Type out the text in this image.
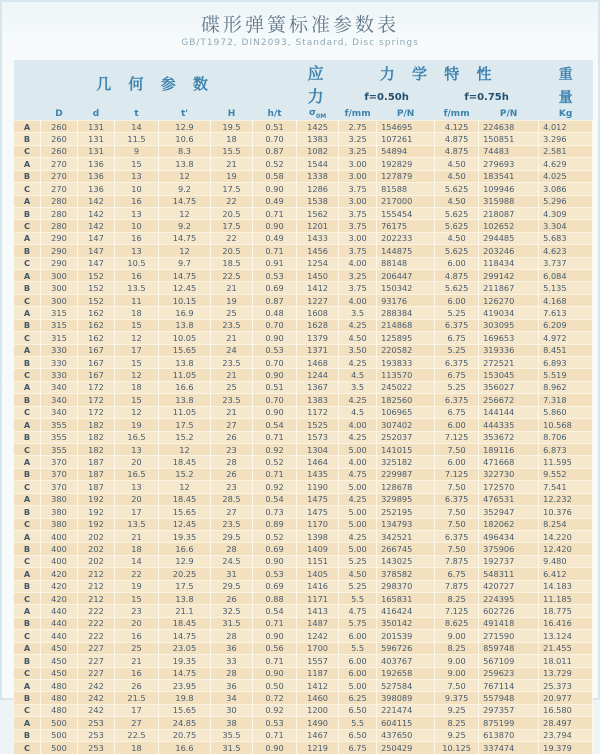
碟形弹簧标准参数表
GB/T1972, DIN2093, Standard, Disc springs
几 何 参 数							应 力	力 学 特 性				重
								f=0.50h		f=0.75h		量
	D	d	t	t'	H	h/t	$\sigma_{0M}$	f/mm	P/N	f/mm	P/N	Kg
A	260	131	14	12.9	19.5	0.51	1425	2.75	154695	4.125	224638	4.012
B	260	131	11.5	10.6	18	0.70	1383	3.25	107261	4.875	150851	3.296
C	260	131	9	8.3	15.5	0.87	1082	3.25	54894	4.875	74483	2.581
A	270	136	15	13.8	21	0.52	1544	3.00	192829	4.50	279693	4.629
B	270	136	13	12	19	0.58	1338	3.00	127879	4.50	183541	4.025
C	270	136	10	9.2	17.5	0.90	1286	3.75	81588	5.625	109946	3.086
A	280	142	16	14.75	22	0.49	1538	3.00	217000	4.50	315988	5.296
B	280	142	13	12	20.5	0.71	1562	3.75	155454	5.625	218087	4.309
C	280	142	10	9.2	17.5	0.90	1201	3.75	76175	5.625	102652	3.304
A	290	147	16	14.75	22	0.49	1433	3.00	202233	4.50	294485	5.683
B	290	147	13	12	20.5	0.71	1456	3.75	144875	5.625	203246	4.623
C	290	147	10.5	9.7	18.5	0.91	1254	4.00	88148	6.00	118434	3.737
A	300	152	16	14.75	22.5	0.53	1450	3.25	206447	4.875	299142	6.084
B	300	152	13.5	12.45	21	0.69	1412	3.75	150342	5.625	211867	5.135
C	300	152	11	10.15	19	0.87	1227	4.00	93176	6.00	126270	4.168
A	315	162	18	16.9	25	0.48	1608	3.5	288384	5.25	419034	7.613
B	315	162	15	13.8	23.5	0.70	1628	4.25	214868	6.375	303095	6.209
C	315	162	12	10.05	21	0.90	1379	4.50	125895	6.75	169653	4.972
A	330	167	17	15.65	24	0.53	1371	3.50	220582	5.25	319336	8.451
B	330	167	15	13.8	23.5	0.70	1468	4.25	193833	6.375	272521	6.893
C	330	167	12	11.05	21	0.90	1244	4.5	113570	6.75	153045	5.519
A	340	172	18	16.6	25	0.51	1367	3.5	245022	5.25	356027	8.962
B	340	172	15	13.8	23.5	0.70	1383	4.25	182560	6.375	256672	7.318
C	340	172	12	11.05	21	0.90	1172	4.5	106965	6.75	144144	5.860
A	355	182	19	17.5	27	0.54	1525	4.00	307402	6.00	444335	10.568
B	355	182	16.5	15.2	26	0.71	1573	4.25	252037	7.125	353672	8.706
C	355	182	13	12	23	0.92	1304	5.00	141015	7.50	189116	6.873
A	370	187	20	18.45	28	0.52	1464	4.00	325182	6.00	471668	11.595
B	370	187	16.5	15.2	26	0.71	1435	4.75	229987	7.125	322730	9.552
C	370	187	13	12	23	0.92	1190	5.00	128678	7.50	172570	7.541
A	380	192	20	18.45	28.5	0.54	1475	4.25	329895	6.375	476531	12.232
B	380	192	17	15.65	27	0.73	1475	5.00	252195	7.50	352947	10.376
C	380	192	13.5	12.45	23.5	0.89	1170	5.00	134793	7.50	182062	8.254
A	400	202	21	19.35	29.5	0.52	1398	4.25	342521	6.375	496434	14.220
B	400	202	18	16.6	28	0.69	1409	5.00	266745	7.50	375906	12.420
C	400	202	14	12.9	24.5	0.90	1151	5.25	143025	7.875	192737	9.480
A	420	212	22	20.25	31	0.53	1405	4.50	378582	6.75	548311	6.412
B	420	212	19	17.5	29.5	0.69	1416	5.25	298370	7.875	420727	14.183
C	420	212	15	13.8	26	0.88	1171	5.5	165831	8.25	224395	11.185
A	440	222	23	21.1	32.5	0.54	1413	4.75	416424	7.125	602726	18.775
B	440	222	20	18.45	31.5	0.71	1487	5.75	350142	8.625	491418	16.416
C	440	222	16	14.75	28	0.90	1242	6.00	201539	9.00	271590	13.124
A	450	227	25	23.05	36	0.56	1700	5.5	596726	8.25	859748	21.455
B	450	227	21	19.35	33	0.71	1557	6.00	403767	9.00	567109	18.011
C	450	227	16	14.75	28	0.90	1187	6.00	192658	9.00	259623	13.729
A	480	242	26	23.95	36	0.50	1412	5.00	527584	7.50	767114	25.373
B	480	242	21.5	19.8	34	0.72	1460	6.25	398089	9.375	557948	20.977
C	480	242	17	15.65	30	0.92	1200	6.50	221474	9.25	297357	16.580
A	500	253	27	24.85	38	0.53	1490	5.5	604115	8.25	875199	28.497
B	500	253	22.5	20.75	35.5	0.71	1467	6.50	437650	9.25	613870	23.794
C	500	253	18	16.6	31.5	0.90	1219	6.75	250429	10.125	337474	19.379
